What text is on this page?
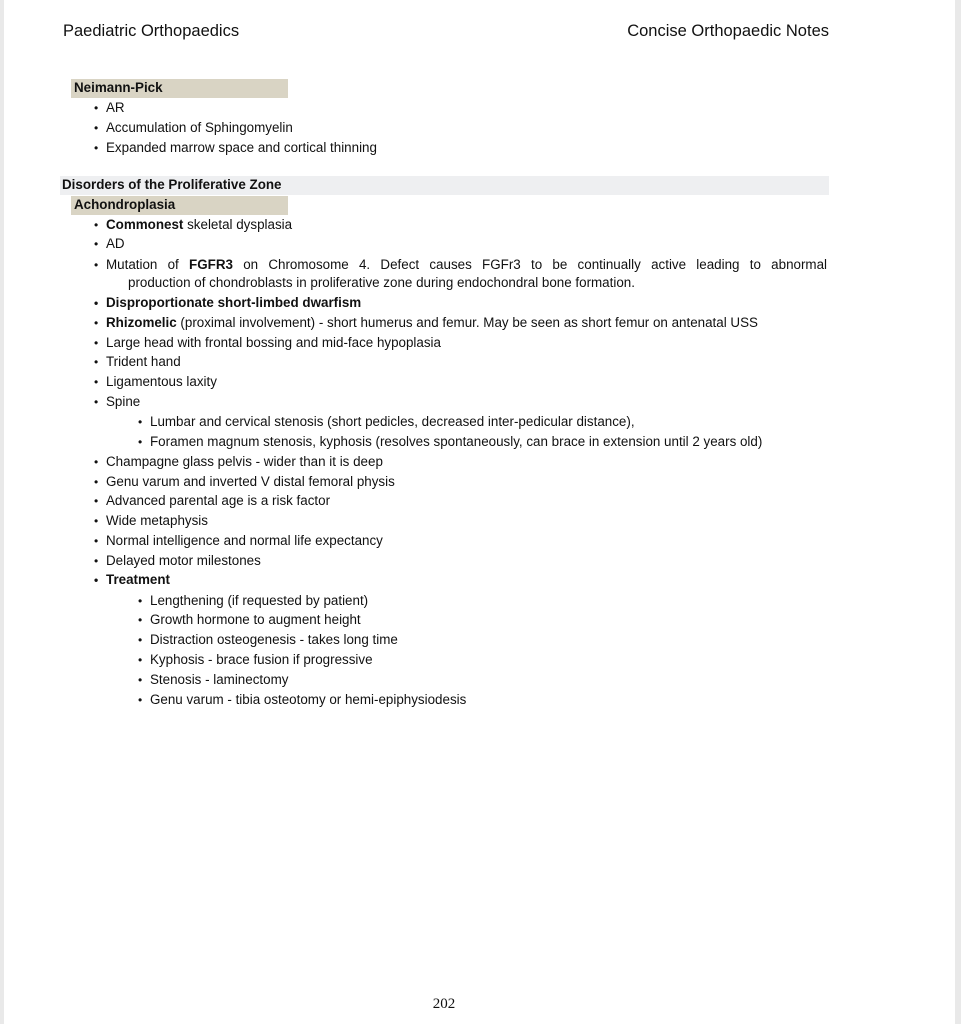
Paediatric Orthopaedics	Concise Orthopaedic Notes
Neimann-Pick
• AR
• Accumulation of Sphingomyelin
• Expanded marrow space and cortical thinning
Disorders of the Proliferative Zone
Achondroplasia
• Commonest skeletal dysplasia
• AD
• Mutation of FGFR3 on Chromosome 4. Defect causes FGFr3 to be continually active leading to abnormal
production of chondroblasts in proliferative zone during endochondral bone formation.
• Disproportionate short-limbed dwarfism
• Rhizomelic (proximal involvement) - short humerus and femur. May be seen as short femur on antenatal USS
• Large head with frontal bossing and mid-face hypoplasia
• Trident hand
• Ligamentous laxity
• Spine
• Lumbar and cervical stenosis (short pedicles, decreased inter-pedicular distance),
• Foramen magnum stenosis, kyphosis (resolves spontaneously, can brace in extension until 2 years old)
• Champagne glass pelvis - wider than it is deep
• Genu varum and inverted V distal femoral physis
• Advanced parental age is a risk factor
• Wide metaphysis
• Normal intelligence and normal life expectancy
• Delayed motor milestones
• Treatment
• Lengthening (if requested by patient)
• Growth hormone to augment height
• Distraction osteogenesis - takes long time
• Kyphosis - brace fusion if progressive
• Stenosis - laminectomy
• Genu varum - tibia osteotomy or hemi-epiphysiodesis
202
